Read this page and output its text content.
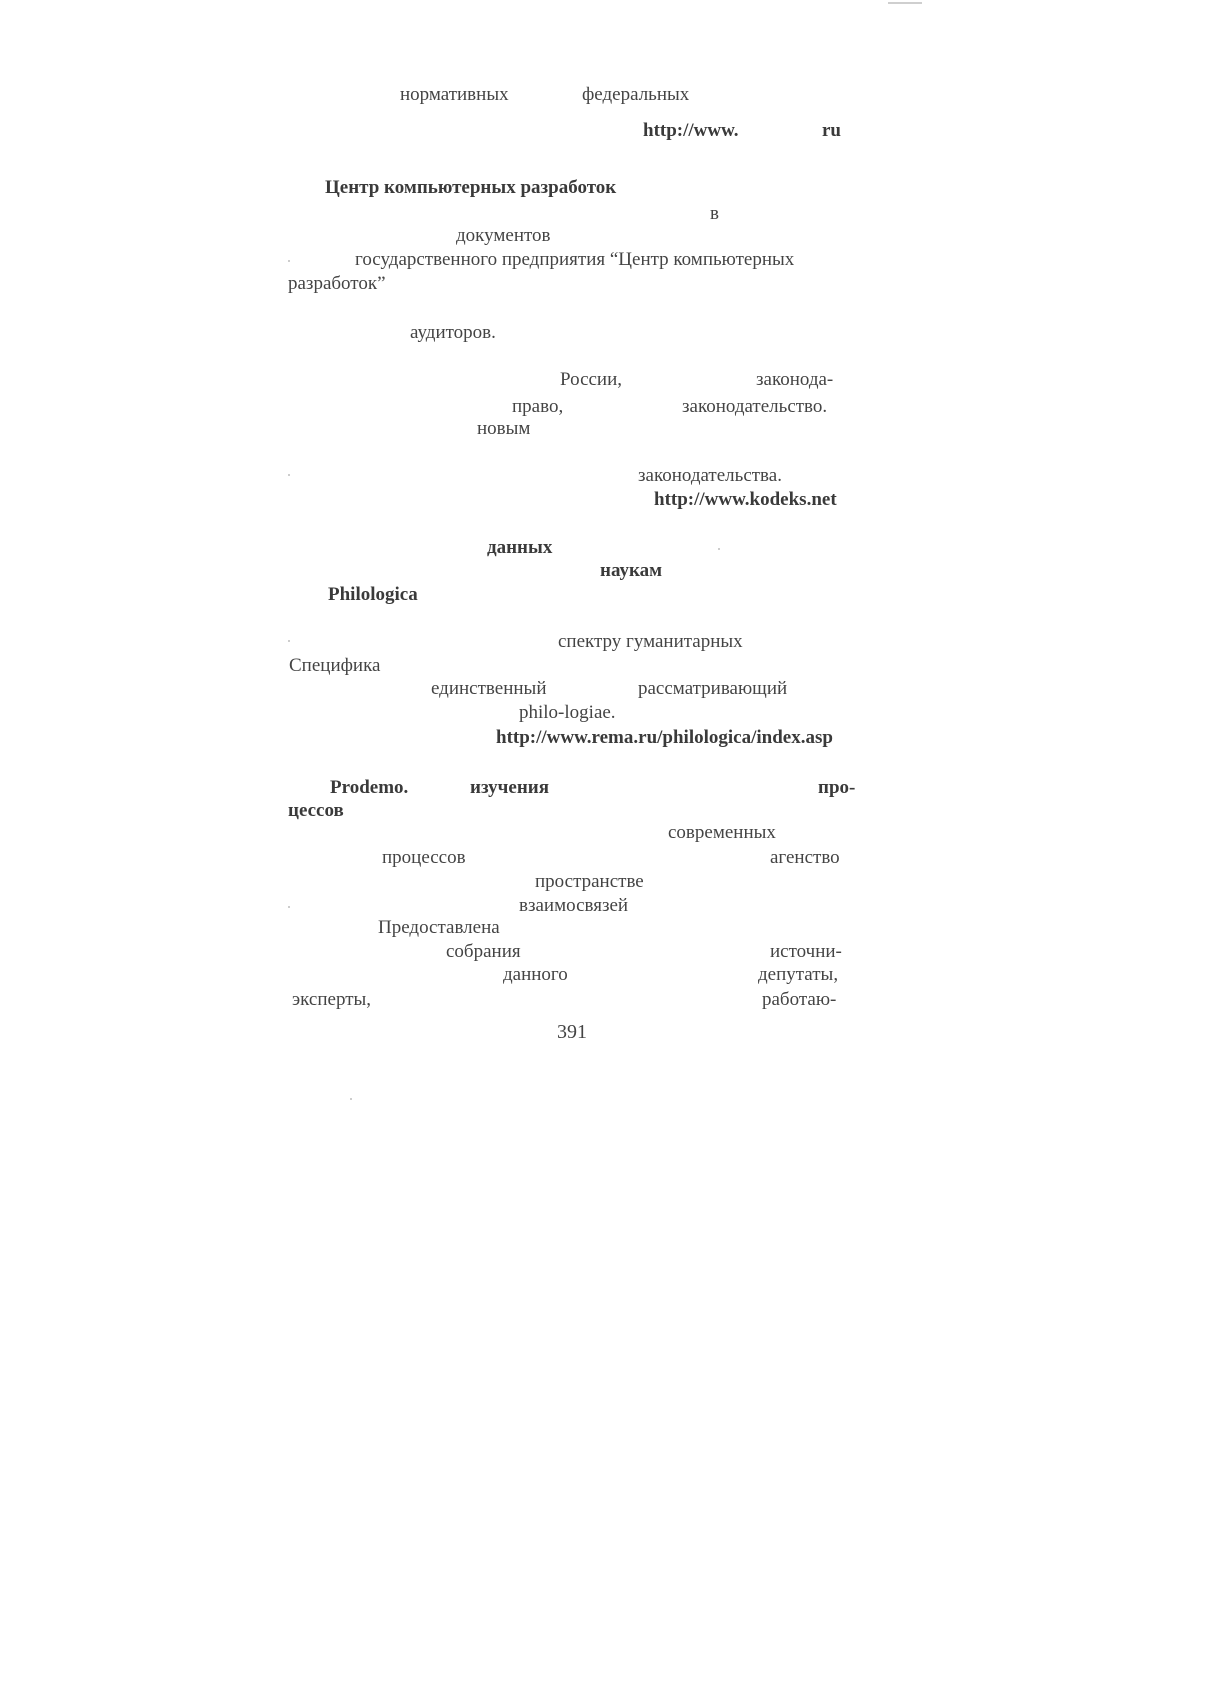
нормативных	федеральных
http://www.	ru
Центр компьютерных разработок
в
документов
государственного предприятия “Центр компьютерных
разработок”
аудиторов.
России,	законода-
право,	законодательство.
новым
законодательства.
http://www.kodeks.net
данных
наукам
Philologica
спектру гуманитарных
Специфика
единственный	рассматривающий
philo-logiae.
http://www.rema.ru/philologica/index.asp
Prodemo.	изучения	про-
цессов
современных
процессов	агенство
пространстве
взаимосвязей
Предоставлена
собрания	источни-
данного	депутаты,
эксперты,	работаю-
391
